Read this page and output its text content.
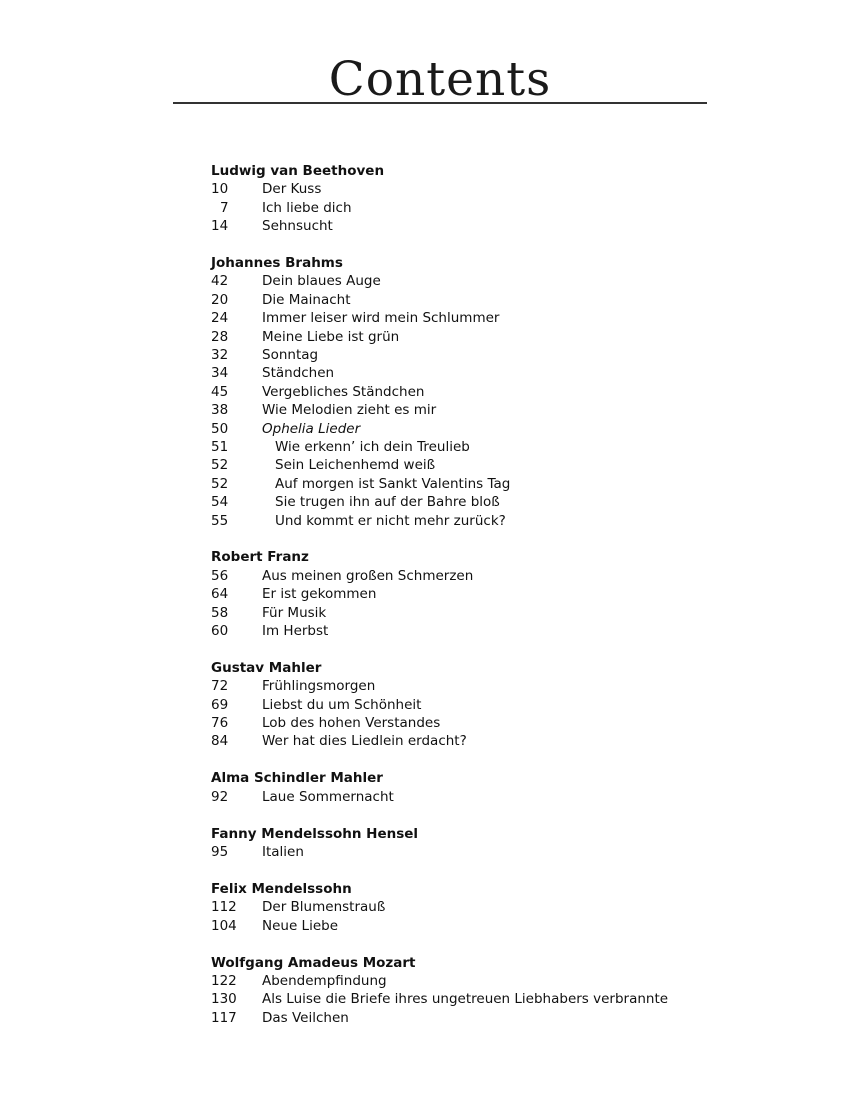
Contents
Ludwig van Beethoven
10	Der Kuss
7	Ich liebe dich
14	Sehnsucht
Johannes Brahms
42	Dein blaues Auge
20	Die Mainacht
24	Immer leiser wird mein Schlummer
28	Meine Liebe ist grün
32	Sonntag
34	Ständchen
45	Vergebliches Ständchen
38	Wie Melodien zieht es mir
50	Ophelia Lieder
51	Wie erkenn’ ich dein Treulieb
52	Sein Leichenhemd weiß
52	Auf morgen ist Sankt Valentins Tag
54	Sie trugen ihn auf der Bahre bloß
55	Und kommt er nicht mehr zurück?
Robert Franz
56	Aus meinen großen Schmerzen
64	Er ist gekommen
58	Für Musik
60	Im Herbst
Gustav Mahler
72	Frühlingsmorgen
69	Liebst du um Schönheit
76	Lob des hohen Verstandes
84	Wer hat dies Liedlein erdacht?
Alma Schindler Mahler
92	Laue Sommernacht
Fanny Mendelssohn Hensel
95	Italien
Felix Mendelssohn
112	Der Blumenstrauß
104	Neue Liebe
Wolfgang Amadeus Mozart
122	Abendempfindung
130	Als Luise die Briefe ihres ungetreuen Liebhabers verbrannte
117	Das Veilchen
